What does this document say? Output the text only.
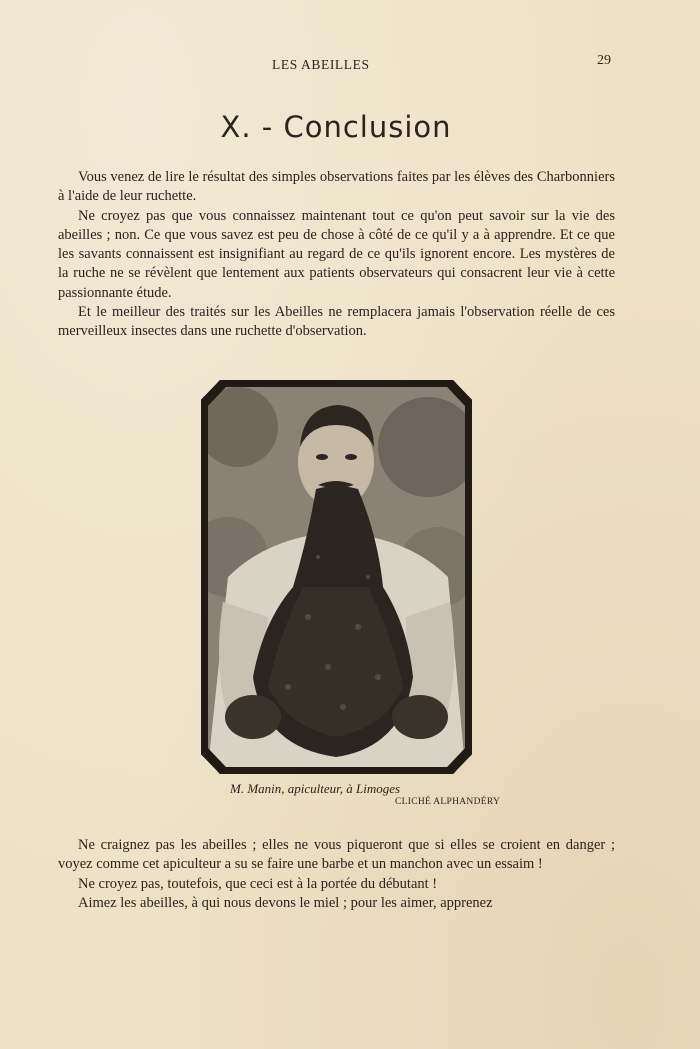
LES ABEILLES	29
X. - Conclusion

Vous venez de lire le résultat des simples observations faites par les élèves des Charbonniers à l'aide de leur ruchette.

Ne croyez pas que vous connaissez maintenant tout ce qu'on peut savoir sur la vie des abeilles ; non. Ce que vous savez est peu de chose à côté de ce qu'il y a à apprendre. Et ce que les savants connaissent est insignifiant au regard de ce qu'ils ignorent encore. Les mystères de la ruche ne se révèlent que lentement aux patients observateurs qui consacrent leur vie à cette passionnante étude.

Et le meilleur des traités sur les Abeilles ne remplacera jamais l'observation réelle de ces merveilleux insectes dans une ruchette d'observation.

M. Manin, apiculteur, à Limoges
CLICHÉ ALPHANDÉRY

Ne craignez pas les abeilles ; elles ne vous piqueront que si elles se croient en danger ; voyez comme cet apiculteur a su se faire une barbe et un manchon avec un essaim !

Ne croyez pas, toutefois, que ceci est à la portée du débutant !

Aimez les abeilles, à qui nous devons le miel ; pour les aimer, apprenez
